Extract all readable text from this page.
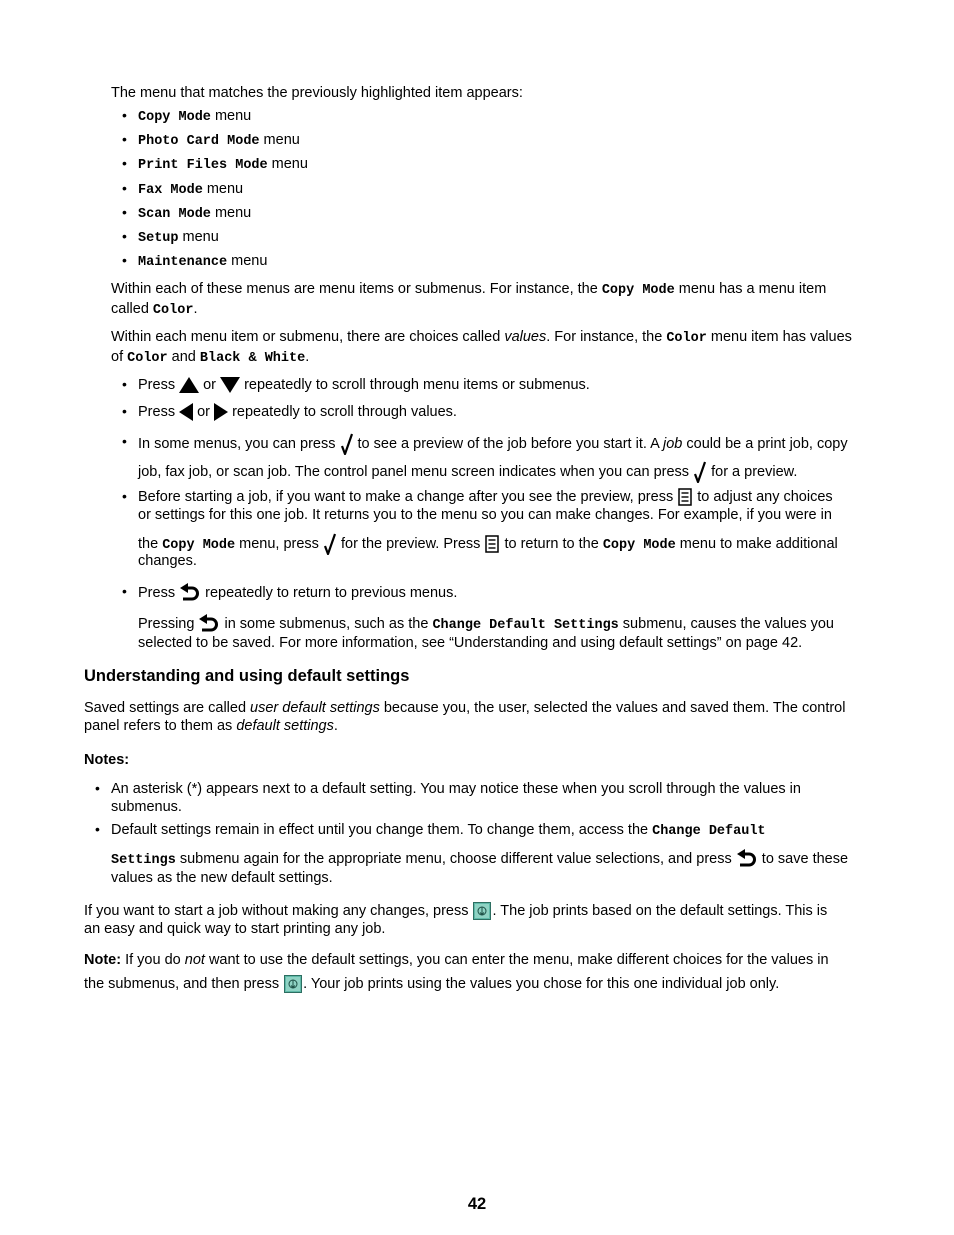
The menu that matches the previously highlighted item appears:
• Copy Mode menu
• Photo Card Mode menu
• Print Files Mode menu
• Fax Mode menu
• Scan Mode menu
• Setup menu
• Maintenance menu
Within each of these menus are menu items or submenus. For instance, the Copy Mode menu has a menu item
called Color.
Within each menu item or submenu, there are choices called values. For instance, the Color menu item has values
of Color and Black & White.
• Press  or  repeatedly to scroll through menu items or submenus.
• Press  or  repeatedly to scroll through values.
• In some menus, you can press  to see a preview of the job before you start it. A job could be a print job, copy
job, fax job, or scan job. The control panel menu screen indicates when you can press  for a preview.
• Before starting a job, if you want to make a change after you see the preview, press  to adjust any choices
or settings for this one job. It returns you to the menu so you can make changes. For example, if you were in
the Copy Mode menu, press  for the preview. Press  to return to the Copy Mode menu to make additional
changes.
• Press  repeatedly to return to previous menus.
Pressing  in some submenus, such as the Change Default Settings submenu, causes the values you
selected to be saved. For more information, see “Understanding and using default settings” on page 42.
Understanding and using default settings
Saved settings are called user default settings because you, the user, selected the values and saved them. The control
panel refers to them as default settings.
Notes:
• An asterisk (*) appears next to a default setting. You may notice these when you scroll through the values in
submenus.
• Default settings remain in effect until you change them. To change them, access the Change Default
Settings submenu again for the appropriate menu, choose different value selections, and press  to save these
values as the new default settings.
If you want to start a job without making any changes, press . The job prints based on the default settings. This is
an easy and quick way to start printing any job.
Note: If you do not want to use the default settings, you can enter the menu, make different choices for the values in
the submenus, and then press . Your job prints using the values you chose for this one individual job only.
42
